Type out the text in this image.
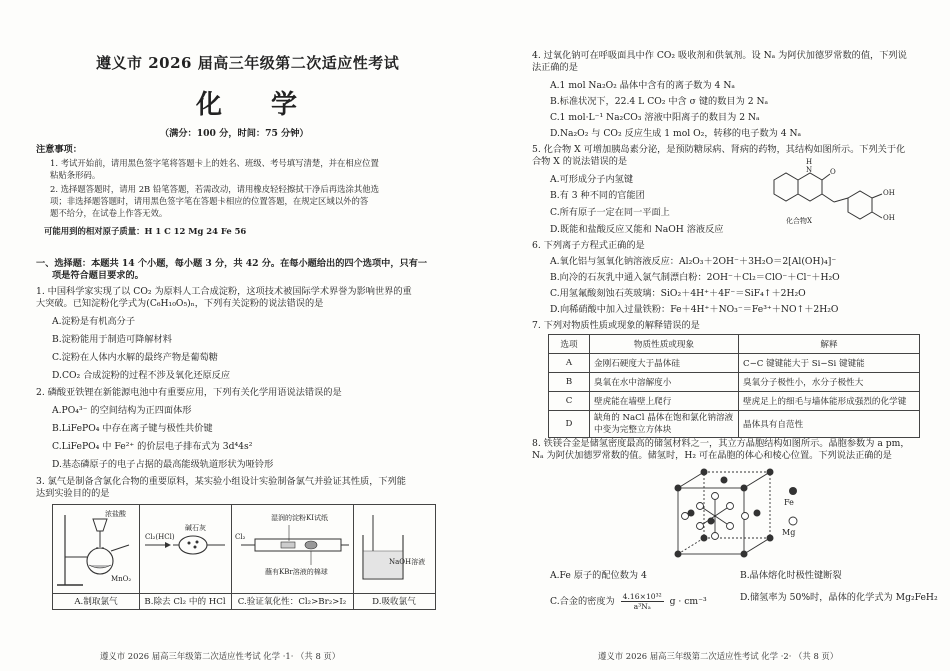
遵义市 2026 届高三年级第二次适应性考试
化 学
（满分：100 分，时间：75 分钟）
注意事项：
1. 考试开始前，请用黑色签字笔将答题卡上的姓名、班级、考号填写清楚，并在相应位置
粘贴条形码。
2. 选择题答题时，请用 2B 铅笔答题，若需改动，请用橡皮轻轻擦拭干净后再选涂其他选
项；非选择题答题时，请用黑色签字笔在答题卡相应的位置答题，在规定区域以外的答
题不给分，在试卷上作答无效。
可能用到的相对原子质量：H 1 C 12 Mg 24 Fe 56
一、选择题：本题共 14 个小题，每小题 3 分，共 42 分。在每小题给出的四个选项中，只有一
项是符合题目要求的。
1. 中国科学家实现了以 CO₂ 为原料人工合成淀粉，这项技术被国际学术界誉为影响世界的重
大突破。已知淀粉化学式为(C₆H₁₀O₅)ₙ，下列有关淀粉的说法错误的是
A.淀粉是有机高分子
B.淀粉能用于制造可降解材料
C.淀粉在人体内水解的最终产物是葡萄糖
D.CO₂ 合成淀粉的过程不涉及氧化还原反应
2. 磷酸亚铁锂在新能源电池中有重要应用，下列有关化学用语说法错误的是
A.PO₄³⁻ 的空间结构为正四面体形
B.LiFePO₄ 中存在离子键与极性共价键
C.LiFePO₄ 中 Fe²⁺ 的价层电子排布式为 3d⁴4s²
D.基态磷原子的电子占据的最高能级轨道形状为哑铃形
3. 氯气是制备含氯化合物的重要原料，某实验小组设计实验制备氯气并验证其性质，下列能
达到实验目的的是
浓盐酸
MnO₂
A.制取氯气
Cl₂(HCl)
碱石灰
B.除去 Cl₂ 中的 HCl
湿润的淀粉KI试纸
Cl₂
蘸有KBr溶液的棉球
C.验证氧化性：Cl₂>Br₂>I₂
NaOH溶液
D.吸收氯气
遵义市 2026 届高三年级第二次适应性考试 化学 ·1· （共 8 页）
4. 过氧化钠可在呼吸面具中作 CO₂ 吸收剂和供氧剂。设 Nₐ 为阿伏加德罗常数的值，下列说
法正确的是
A.1 mol Na₂O₂ 晶体中含有的离子数为 4 Nₐ
B.标准状况下，22.4 L CO₂ 中含 σ 键的数目为 2 Nₐ
C.1 mol·L⁻¹ Na₂CO₃ 溶液中阳离子的数目为 2 Nₐ
D.Na₂O₂ 与 CO₂ 反应生成 1 mol O₂，转移的电子数为 4 Nₐ
5. 化合物 X 可增加胰岛素分泌，是预防糖尿病、肾病的药物，其结构如图所示。下列关于化
合物 X 的说法错误的是
A.可形成分子内氢键
B.有 3 种不同的官能团
C.所有原子一定在同一平面上
D.既能和盐酸反应又能和 NaOH 溶液反应
H
N	O
OH
OH
化合物X
6. 下列离子方程式正确的是
A.氧化铝与氢氧化钠溶液反应：Al₂O₃＋2OH⁻＋3H₂O＝2[Al(OH)₄]⁻
B.向冷的石灰乳中通入氯气制漂白粉：2OH⁻＋Cl₂＝ClO⁻＋Cl⁻＋H₂O
C.用氢氟酸刻蚀石英玻璃：SiO₂＋4H⁺＋4F⁻＝SiF₄↑＋2H₂O
D.向稀硝酸中加入过量铁粉：Fe＋4H⁺＋NO₃⁻＝Fe³⁺＋NO↑＋2H₂O
7. 下列对物质性质或现象的解释错误的是
选项	物质性质或现象	解释
A	金刚石硬度大于晶体硅	C−C 键键能大于 Si−Si 键键能
B	臭氧在水中溶解度小	臭氧分子极性小，水分子极性大
C	壁虎能在墙壁上爬行	壁虎足上的细毛与墙体能形成强烈的化学键
D	缺角的 NaCl 晶体在饱和氯化钠溶液中变为完整立方体块	晶体具有自范性
8. 铁镁合金是储氢密度最高的储氢材料之一，其立方晶胞结构如图所示。晶胞参数为 a pm，
Nₐ 为阿伏加德罗常数的值。储氢时，H₂ 可在晶胞的体心和棱心位置。下列说法正确的是
Fe
Mg
A.Fe 原子的配位数为 4	B.晶体熔化时极性键断裂
C.合金的密度为 $\frac{\text{4.16×10³²}}{\text{a³Nₐ}}$ g · cm⁻³	D.储氢率为 50%时，晶体的化学式为 Mg₂FeH₂
遵义市 2026 届高三年级第二次适应性考试 化学 ·2· （共 8 页）
